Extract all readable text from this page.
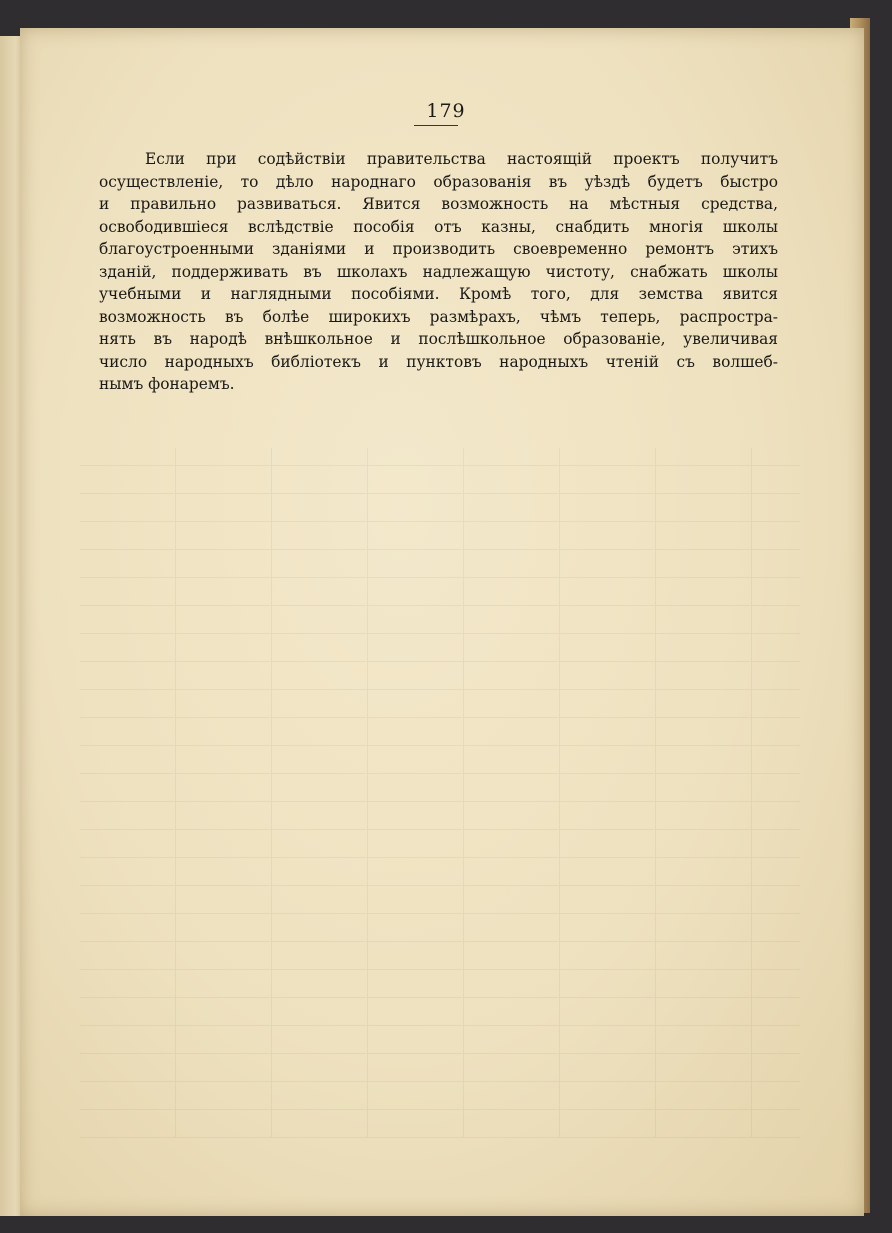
179
Если при содѣйствіи правительства настоящій проектъ получитъ
осуществленіе, то дѣло народнаго образованія въ уѣздѣ будетъ быстро
и правильно развиваться. Явится возможность на мѣстныя средства,
освободившіеся вслѣдствіе пособія отъ казны, снабдить многія школы
благоустроенными зданіями и производить своевременно ремонтъ этихъ
зданій, поддерживать въ школахъ надлежащую чистоту, снабжать школы
учебными и наглядными пособіями. Кромѣ того, для земства явится
возможность въ болѣе широкихъ размѣрахъ, чѣмъ теперь, распростра-
нять въ народѣ внѣшкольное и послѣшкольное образованіе, увеличивая
число народныхъ библіотекъ и пунктовъ народныхъ чтеній съ волшеб-
нымъ фонаремъ.
